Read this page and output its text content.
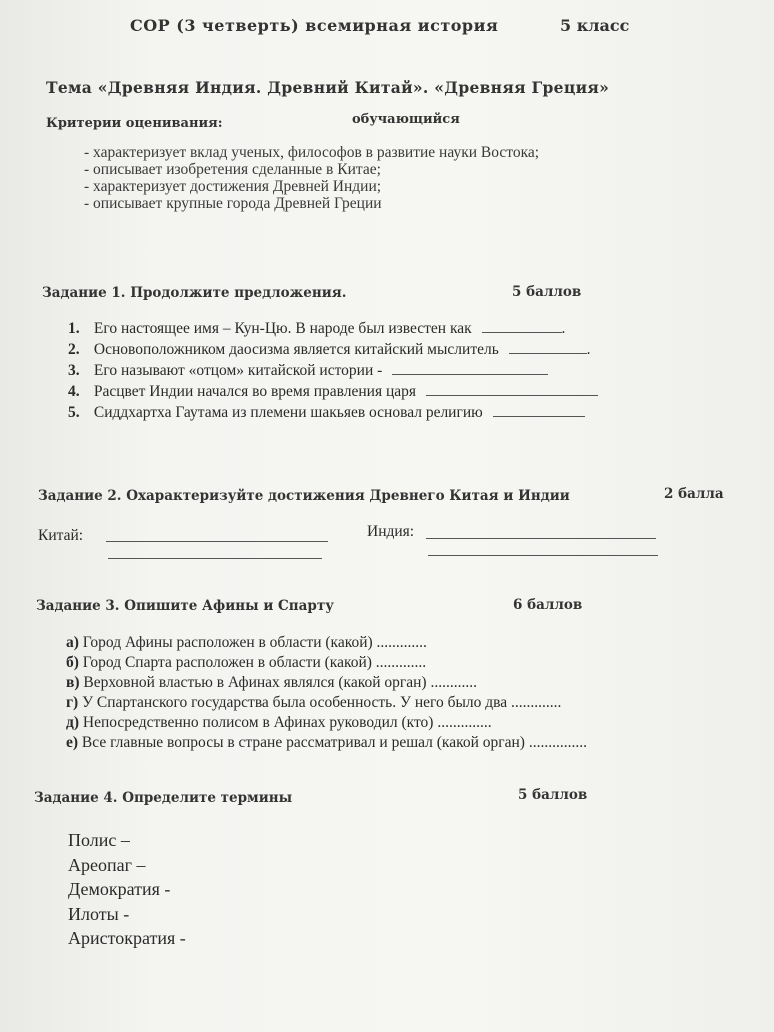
СОР (3 четверть) всемирная история	5 класс
Тема «Древняя Индия. Древний Китай». «Древняя Греция»
Критерии оценивания:	обучающийся
- характеризует вклад ученых, философов в развитие науки Востока;
- описывает изобретения сделанные в Китае;
- характеризует достижения Древней Индии;
- описывает крупные города Древней Греции
Задание 1. Продолжите предложения.	5 баллов
1. Его настоящее имя – Кун-Цю. В народе был известен как	.
2. Основоположником даосизма является китайский мыслитель	.
3. Его называют «отцом» китайской истории -
4. Расцвет Индии начался во время правления царя
5. Сиддхартха Гаутама из племени шакьяев основал религию
Задание 2. Охарактеризуйте достижения Древнего Китая и Индии	2 балла
Китай:	Индия:
Задание 3. Опишите Афины и Спарту	6 баллов
а) Город Афины расположен в области (какой) .............
б) Город Спарта расположен в области (какой) .............
в) Верховной властью в Афинах являлся (какой орган) ............
г) У Спартанского государства была особенность. У него было два .............
д) Непосредственно полисом в Афинах руководил (кто) ..............
е) Все главные вопросы в стране рассматривал и решал (какой орган) ...............
Задание 4. Определите термины	5 баллов
Полис –
Ареопаг –
Демократия -
Илоты -
Аристократия -
